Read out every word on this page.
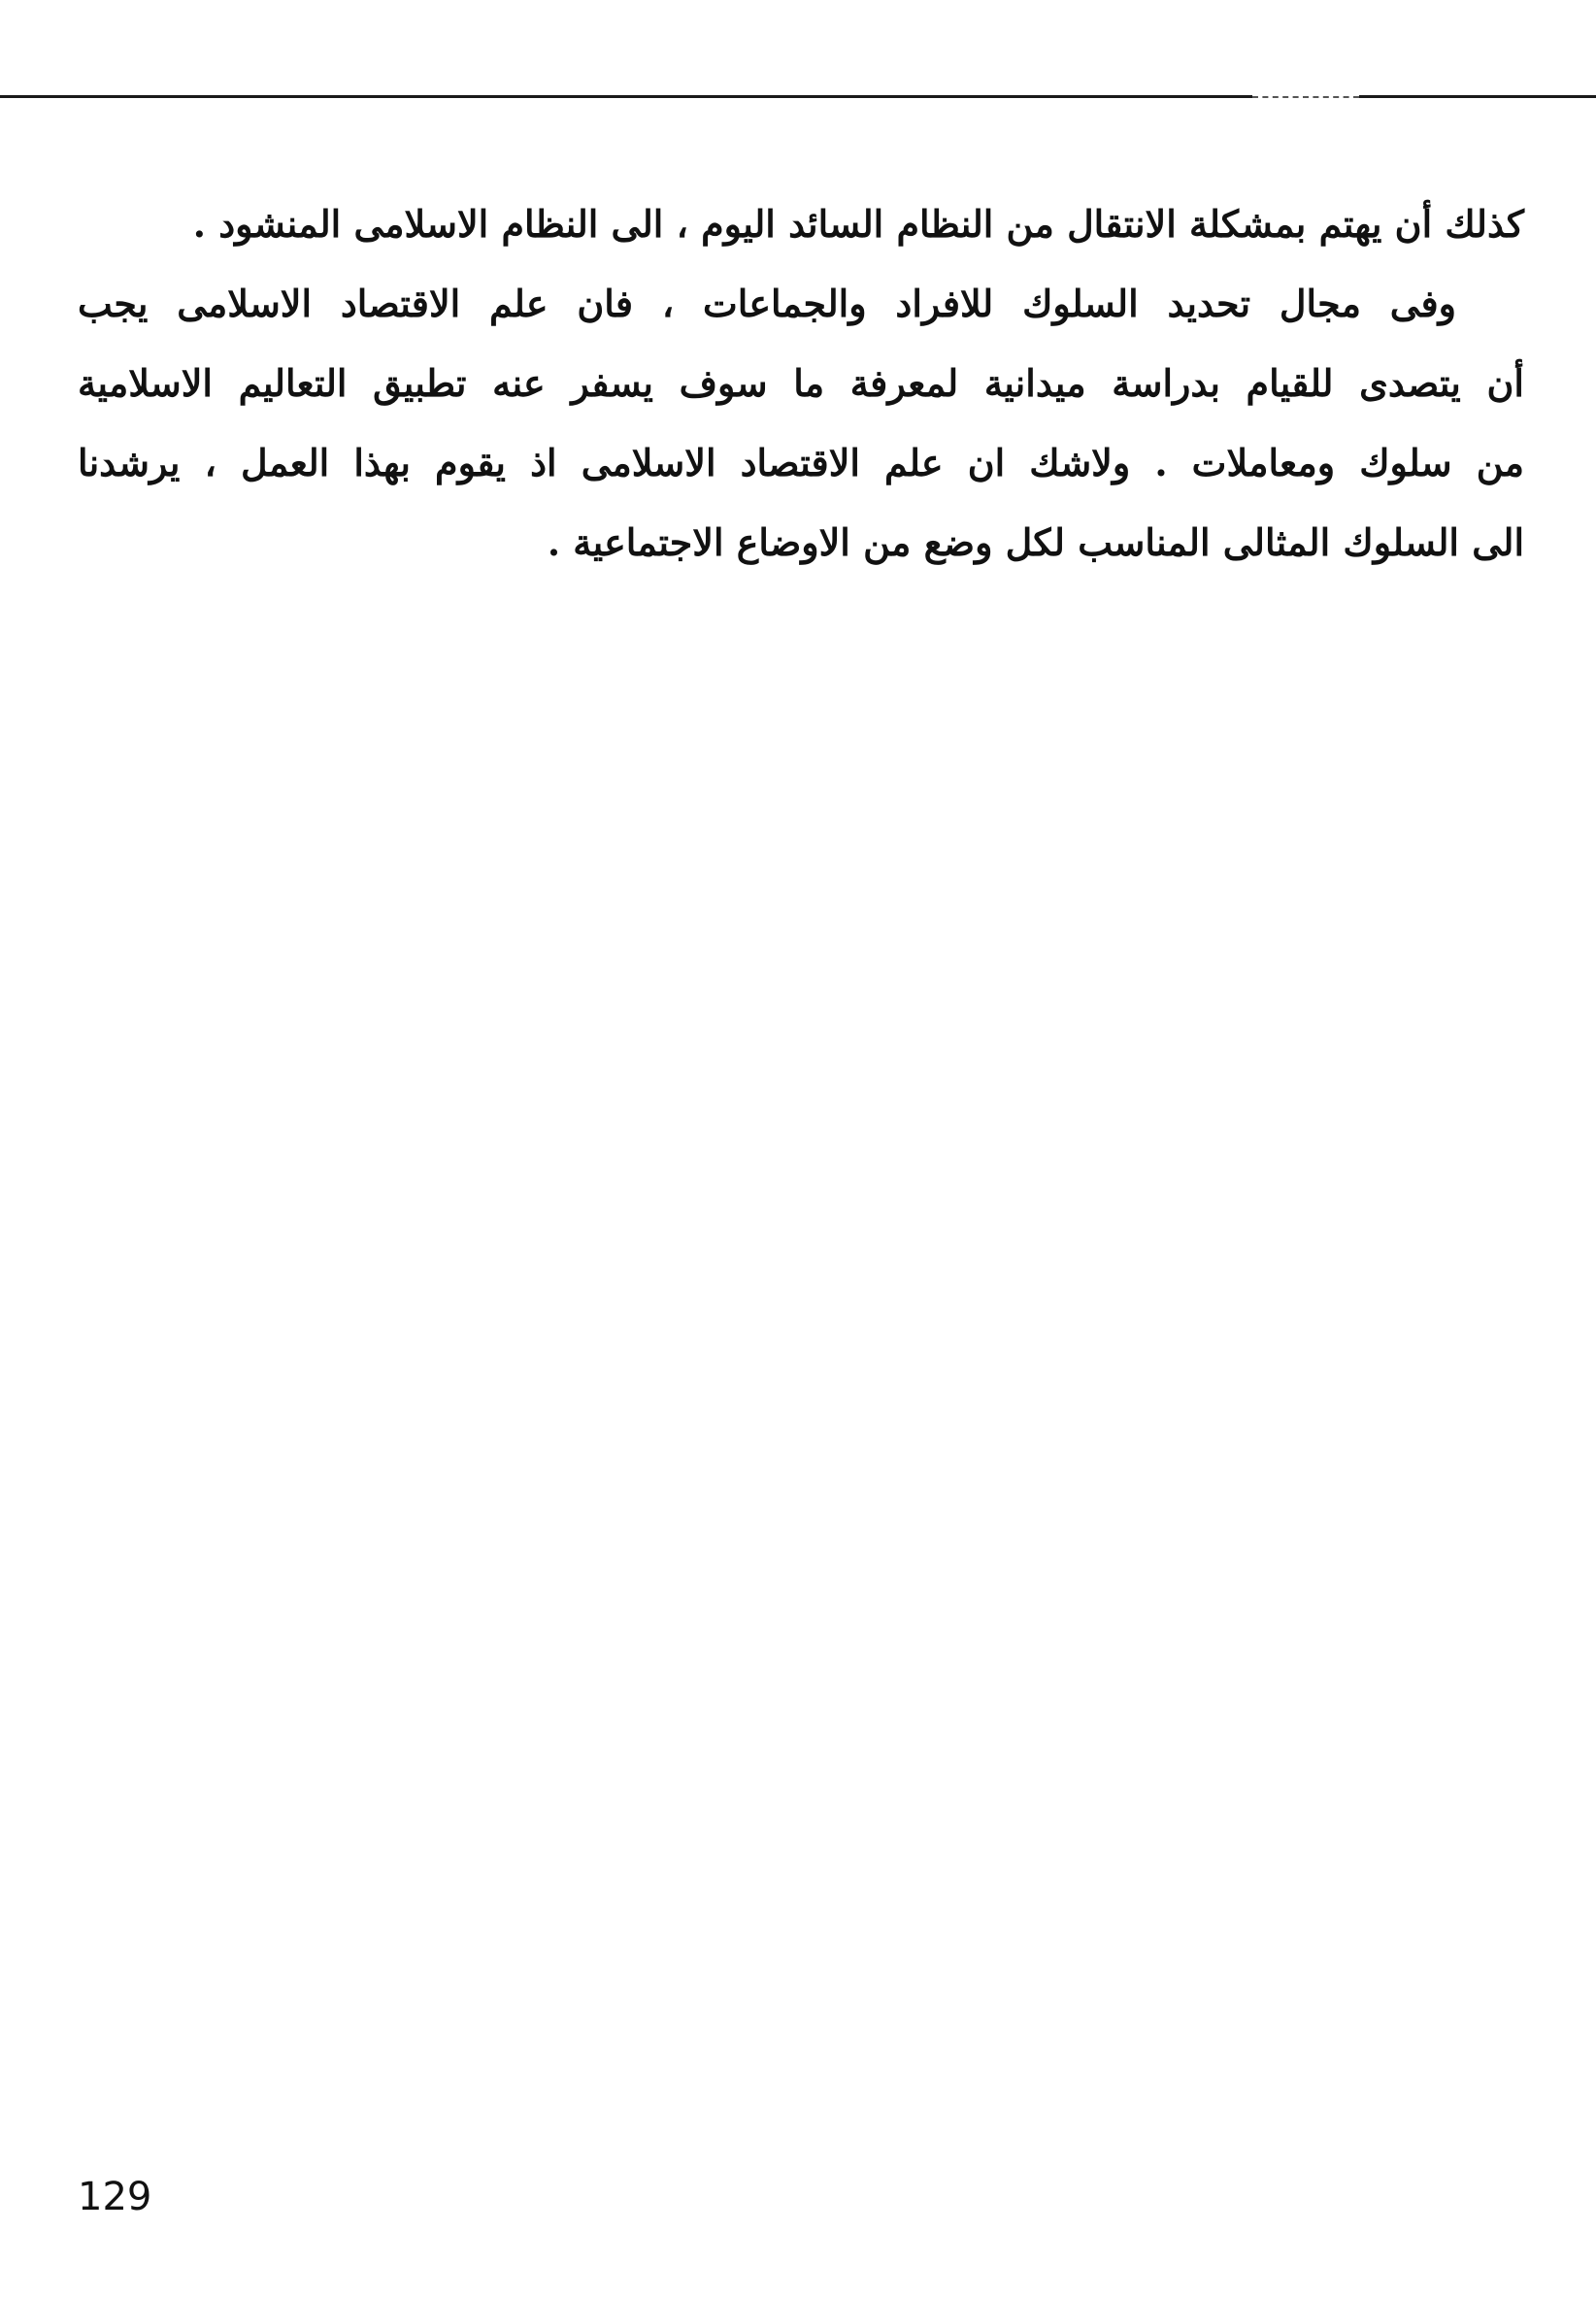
كذلك أن يهتم بمشكلة الانتقال من النظام السائد اليوم ، الى النظام الاسلامى المنشود .

وفى مجال تحديد السلوك للافراد والجماعات ، فان علم الاقتصاد الاسلامى يجب
أن يتصدى للقيام بدراسة ميدانية لمعرفة ما سوف يسفر عنه تطبيق التعاليم الاسلامية
من سلوك ومعاملات . ولاشك ان علم الاقتصاد الاسلامى اذ يقوم بهذا العمل ، يرشدنا
الى السلوك المثالى المناسب لكل وضع من الاوضاع الاجتماعية .

129
